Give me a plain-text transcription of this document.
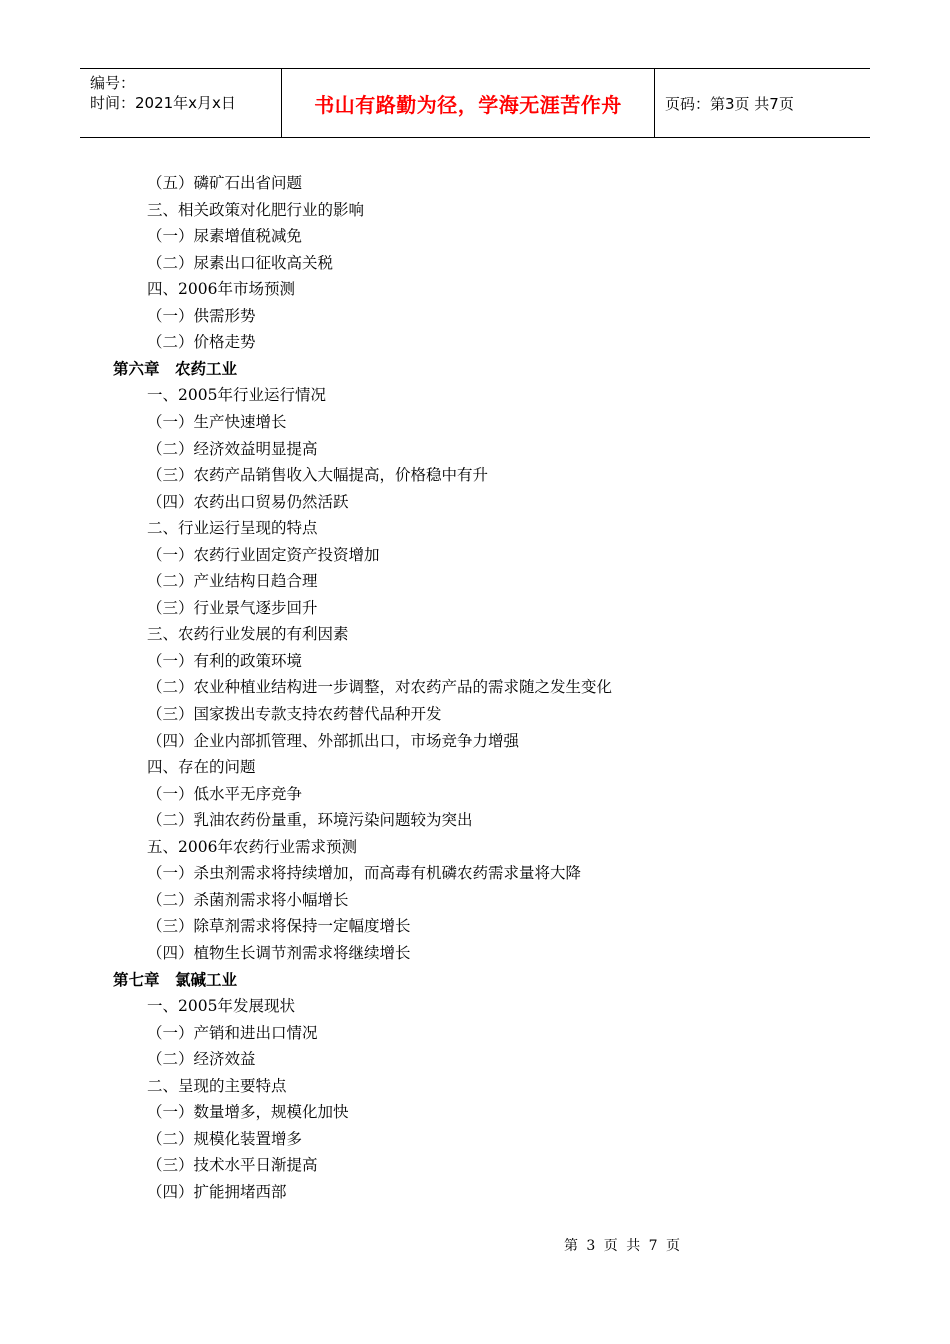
编号：
时间：2021年x月x日	书山有路勤为径，学海无涯苦作舟	页码：第3页 共7页
（五）磷矿石出省问题
三、相关政策对化肥行业的影响
（一）尿素增值税减免
（二）尿素出口征收高关税
四、2006年市场预测
（一）供需形势
（二）价格走势
第六章　农药工业
一、2005年行业运行情况
（一）生产快速增长
（二）经济效益明显提高
（三）农药产品销售收入大幅提高，价格稳中有升
（四）农药出口贸易仍然活跃
二、行业运行呈现的特点
（一）农药行业固定资产投资增加
（二）产业结构日趋合理
（三）行业景气逐步回升
三、农药行业发展的有利因素
（一）有利的政策环境
（二）农业种植业结构进一步调整，对农药产品的需求随之发生变化
（三）国家拨出专款支持农药替代品种开发
（四）企业内部抓管理、外部抓出口，市场竞争力增强
四、存在的问题
（一）低水平无序竞争
（二）乳油农药份量重，环境污染问题较为突出
五、2006年农药行业需求预测
（一）杀虫剂需求将持续增加，而高毒有机磷农药需求量将大降
（二）杀菌剂需求将小幅增长
（三）除草剂需求将保持一定幅度增长
（四）植物生长调节剂需求将继续增长
第七章　氯碱工业
一、2005年发展现状
（一）产销和进出口情况
（二）经济效益
二、呈现的主要特点
（一）数量增多，规模化加快
（二）规模化装置增多
（三）技术水平日渐提高
（四）扩能拥堵西部
第 3 页 共 7 页
